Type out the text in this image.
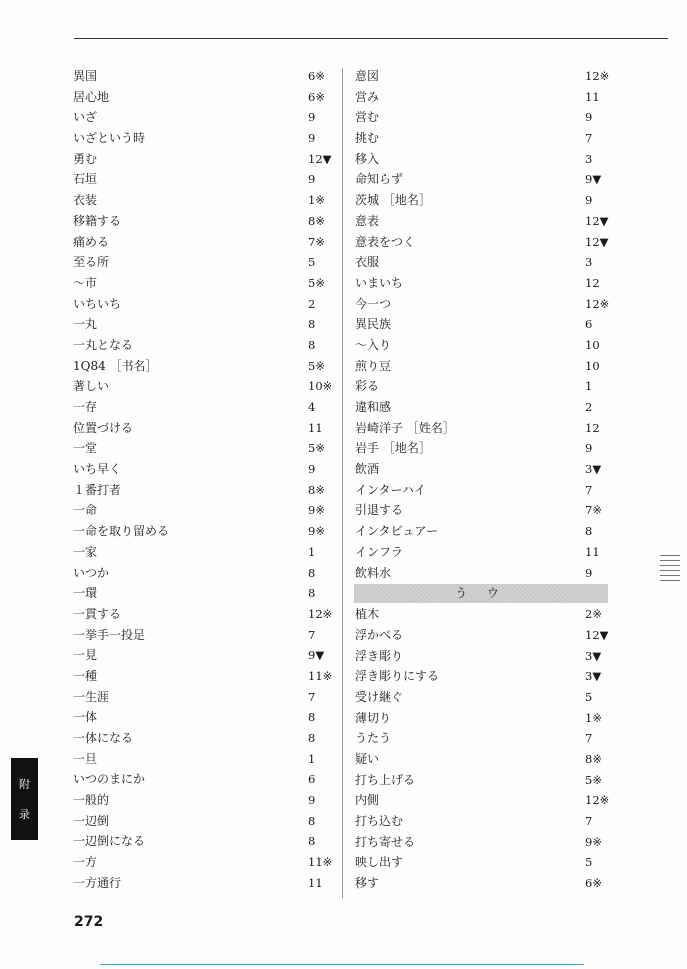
異国	6※
居心地	6※
いざ	9
いざという時	9
勇む	12▼
石垣	9
衣装	1※
移籍する	8※
痛める	7※
至る所	5
～市	5※
いちいち	2
一丸	8
一丸となる	8
1Q84 ［书名］	5※
著しい	10※
一存	4
位置づける	11
一堂	5※
いち早く	9
１番打者	8※
一命	9※
一命を取り留める	9※
一家	1
いつか	8
一環	8
一貫する	12※
一挙手一投足	7
一見	9▼
一種	11※
一生涯	7
一体	8
一体になる	8
一旦	1
いつのまにか	6
一般的	9
一辺倒	8
一辺倒になる	8
一方	11※
一方通行	11
意図	12※
営み	11
営む	9
挑む	7
移入	3
命知らず	9▼
茨城 ［地名］	9
意表	12▼
意表をつく	12▼
衣服	3
いまいち	12
今一つ	12※
異民族	6
～入り	10
煎り豆	10
彩る	1
違和感	2
岩崎洋子 ［姓名］	12
岩手 ［地名］	9
飲酒	3▼
インターハイ	7
引退する	7※
インタビュアー	8
インフラ	11
飲料水	9
う ウ
植木	2※
浮かべる	12▼
浮き彫り	3▼
浮き彫りにする	3▼
受け継ぐ	5
薄切り	1※
うたう	7
疑い	8※
打ち上げる	5※
内側	12※
打ち込む	7
打ち寄せる	9※
映し出す	5
移す	6※
附
录
272
